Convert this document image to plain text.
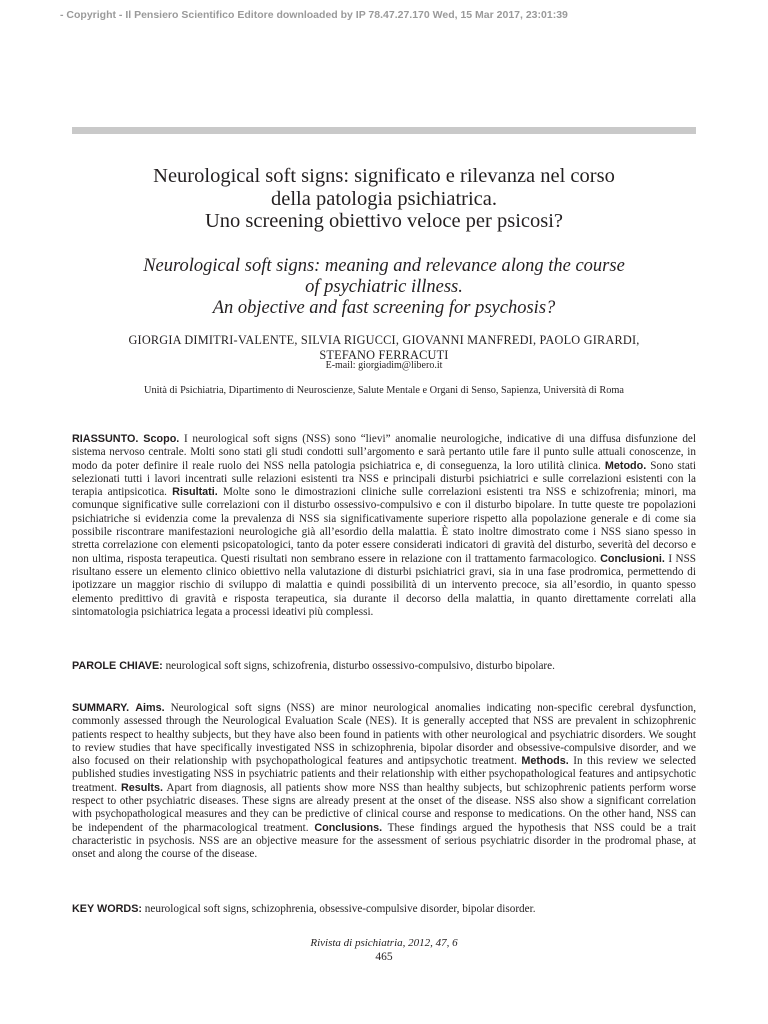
- Copyright - Il Pensiero Scientifico Editore downloaded by IP 78.47.27.170 Wed, 15 Mar 2017, 23:01:39
Neurological soft signs: significato e rilevanza nel corso
della patologia psichiatrica.
Uno screening obiettivo veloce per psicosi?
Neurological soft signs: meaning and relevance along the course
of psychiatric illness.
An objective and fast screening for psychosis?
GIORGIA DIMITRI-VALENTE, SILVIA RIGUCCI, GIOVANNI MANFREDI, PAOLO GIRARDI,
STEFANO FERRACUTI
E-mail: giorgiadim@libero.it
Unità di Psichiatria, Dipartimento di Neuroscienze, Salute Mentale e Organi di Senso, Sapienza, Università di Roma
RIASSUNTO. Scopo. I neurological soft signs (NSS) sono “lievi” anomalie neurologiche, indicative di una diffusa disfunzione del sistema nervoso centrale. Molti sono stati gli studi condotti sull’argomento e sarà pertanto utile fare il punto sulle attuali conoscenze, in modo da poter definire il reale ruolo dei NSS nella patologia psichiatrica e, di conseguenza, la loro utilità clinica. Metodo. Sono stati selezionati tutti i lavori incentrati sulle relazioni esistenti tra NSS e principali disturbi psichiatrici e sulle correlazioni esistenti con la terapia antipsicotica. Risultati. Molte sono le dimostrazioni cliniche sulle correlazioni esistenti tra NSS e schizofrenia; minori, ma comunque significative sulle correlazioni con il disturbo ossessivo-compulsivo e con il disturbo bipolare. In tutte queste tre popolazioni psichiatriche si evidenzia come la prevalenza di NSS sia significativamente superiore rispetto alla popolazione generale e di come sia possibile riscontrare manifestazioni neurologiche già all’esordio della malattia. È stato inoltre dimostrato come i NSS siano spesso in stretta correlazione con elementi psicopatologici, tanto da poter essere considerati indicatori di gravità del disturbo, severità del decorso e non ultima, risposta terapeutica. Questi risultati non sembrano essere in relazione con il trattamento farmacologico. Conclusioni. I NSS risultano essere un elemento clinico obiettivo nella valutazione di disturbi psichiatrici gravi, sia in una fase prodromica, permettendo di ipotizzare un maggior rischio di sviluppo di malattia e quindi possibilità di un intervento precoce, sia all’esordio, in quanto spesso elemento predittivo di gravità e risposta terapeutica, sia durante il decorso della malattia, in quanto direttamente correlati alla sintomatologia psichiatrica legata a processi ideativi più complessi.
PAROLE CHIAVE: neurological soft signs, schizofrenia, disturbo ossessivo-compulsivo, disturbo bipolare.
SUMMARY. Aims. Neurological soft signs (NSS) are minor neurological anomalies indicating non-specific cerebral dysfunction, commonly assessed through the Neurological Evaluation Scale (NES). It is generally accepted that NSS are prevalent in schizophrenic patients respect to healthy subjects, but they have also been found in patients with other neurological and psychiatric disorders. We sought to review studies that have specifically investigated NSS in schizophrenia, bipolar disorder and obsessive-compulsive disorder, and we also focused on their relationship with psychopathological features and antipsychotic treatment. Methods. In this review we selected published studies investigating NSS in psychiatric patients and their relationship with either psychopathological features and antipsychotic treatment. Results. Apart from diagnosis, all patients show more NSS than healthy subjects, but schizophrenic patients perform worse respect to other psychiatric diseases. These signs are already present at the onset of the disease. NSS also show a significant correlation with psychopathological measures and they can be predictive of clinical course and response to medications. On the other hand, NSS can be independent of the pharmacological treatment. Conclusions. These findings argued the hypothesis that NSS could be a trait characteristic in psychosis. NSS are an objective measure for the assessment of serious psychiatric disorder in the prodromal phase, at onset and along the course of the disease.
KEY WORDS: neurological soft signs, schizophrenia, obsessive-compulsive disorder, bipolar disorder.
Rivista di psichiatria, 2012, 47, 6
465
